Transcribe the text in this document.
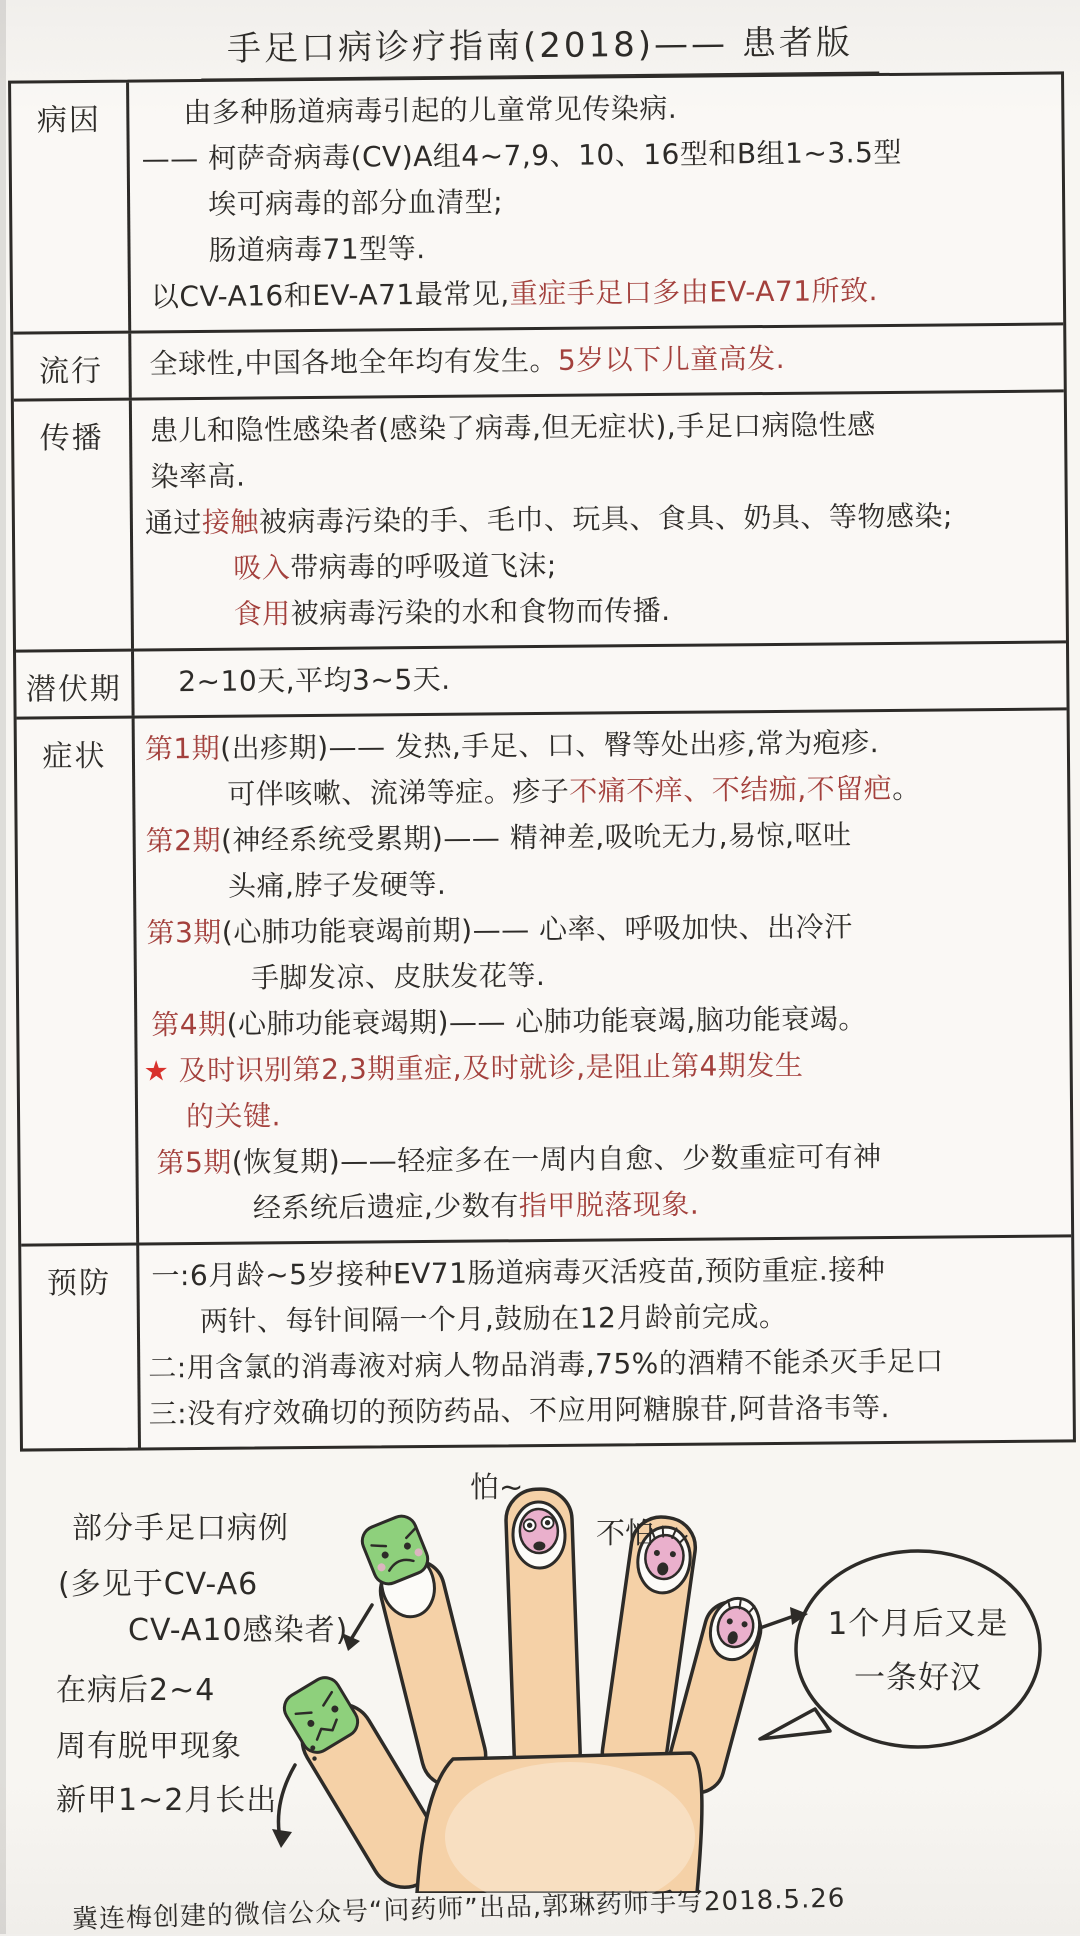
手足口病诊疗指南(2018)—— 患者版
病因	由多种肠道病毒引起的儿童常见传染病.
—— 柯萨奇病毒(CV)A组4~7,9、10、16型和B组1~3.5型
埃可病毒的部分血清型;
肠道病毒71型等.
以CV-A16和EV-A71最常见,重症手足口多由EV-A71所致.
流行	全球性,中国各地全年均有发生。5岁以下儿童高发.
传播	患儿和隐性感染者(感染了病毒,但无症状),手足口病隐性感
染率高.
通过接触被病毒污染的手、毛巾、玩具、食具、奶具、等物感染;
吸入带病毒的呼吸道飞沫;
食用被病毒污染的水和食物而传播.
潜伏期	2~10天,平均3~5天.
症状	第1期(出疹期)—— 发热,手足、口、臀等处出疹,常为疱疹.
可伴咳嗽、流涕等症。疹子不痛不痒、不结痂,不留疤。
第2期(神经系统受累期)—— 精神差,吸吮无力,易惊,呕吐
头痛,脖子发硬等.
第3期(心肺功能衰竭前期)—— 心率、呼吸加快、出冷汗
手脚发凉、皮肤发花等.
第4期(心肺功能衰竭期)—— 心肺功能衰竭,脑功能衰竭。
★ 及时识别第2,3期重症,及时就诊,是阻止第4期发生
的关键.
第5期(恢复期)——轻症多在一周内自愈、少数重症可有神
经系统后遗症,少数有指甲脱落现象.
预防	一:6月龄~5岁接种EV71肠道病毒灭活疫苗,预防重症.接种
两针、每针间隔一个月,鼓励在12月龄前完成。
二:用含氯的消毒液对病人物品消毒,75%的酒精不能杀灭手足口
三:没有疗效确切的预防药品、不应用阿糖腺苷,阿昔洛韦等.
部分手足口病例
(多见于CV-A6
CV-A10感染者)
在病后2~4
周有脱甲现象
新甲1~2月长出
1个月后又是
一条好汉
怕~
不怕
冀连梅创建的微信公众号“问药师”出品,郭琳药师手写2018.5.26
